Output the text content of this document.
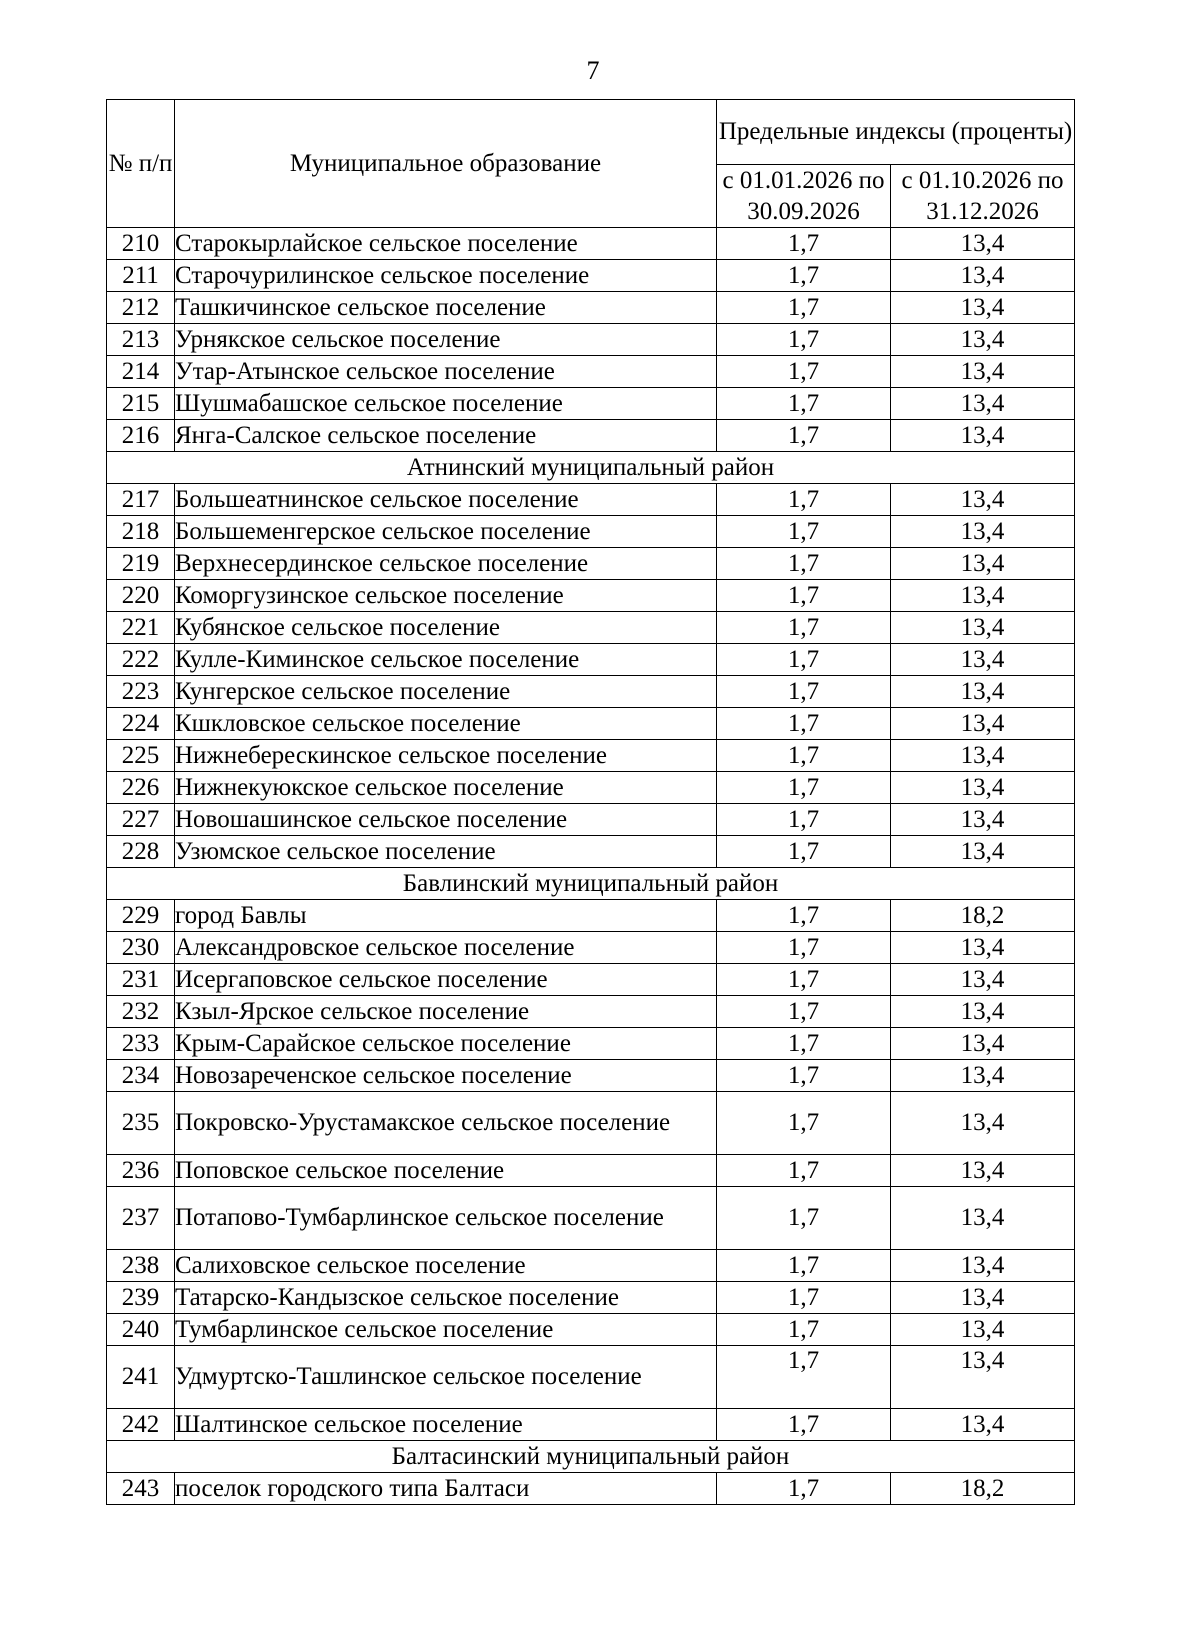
7
№ п/п	Муниципальное образование	Предельные индексы (проценты)	
		с 01.01.2026 по 30.09.2026	с 01.10.2026 по 31.12.2026
210	Старокырлайское сельское поселение	1,7	13,4
211	Старочурилинское сельское поселение	1,7	13,4
212	Ташкичинское сельское поселение	1,7	13,4
213	Урнякское сельское поселение	1,7	13,4
214	Утар-Атынское сельское поселение	1,7	13,4
215	Шушмабашское сельское поселение	1,7	13,4
216	Янга-Салское сельское поселение	1,7	13,4
Атнинский муниципальный район			
217	Большеатнинское сельское поселение	1,7	13,4
218	Большеменгерское сельское поселение	1,7	13,4
219	Верхнесердинское сельское поселение	1,7	13,4
220	Коморгузинское сельское поселение	1,7	13,4
221	Кубянское сельское поселение	1,7	13,4
222	Кулле-Киминское сельское поселение	1,7	13,4
223	Кунгерское сельское поселение	1,7	13,4
224	Кшкловское сельское поселение	1,7	13,4
225	Нижнеберескинское сельское поселение	1,7	13,4
226	Нижнекуюкское сельское поселение	1,7	13,4
227	Новошашинское сельское поселение	1,7	13,4
228	Узюмское сельское поселение	1,7	13,4
Бавлинский муниципальный район			
229	город Бавлы	1,7	18,2
230	Александровское сельское поселение	1,7	13,4
231	Исергаповское сельское поселение	1,7	13,4
232	Кзыл-Ярское сельское поселение	1,7	13,4
233	Крым-Сарайское сельское поселение	1,7	13,4
234	Новозареченское сельское поселение	1,7	13,4
235	Покровско-Урустамакское сельское поселение	1,7	13,4
236	Поповское сельское поселение	1,7	13,4
237	Потапово-Тумбарлинское сельское поселение	1,7	13,4
238	Салиховское сельское поселение	1,7	13,4
239	Татарско-Кандызское сельское поселение	1,7	13,4
240	Тумбарлинское сельское поселение	1,7	13,4
241	Удмуртско-Ташлинское сельское поселение	1,7	13,4
242	Шалтинское сельское поселение	1,7	13,4
Балтасинский муниципальный район			
243	поселок городского типа Балтаси	1,7	18,2
